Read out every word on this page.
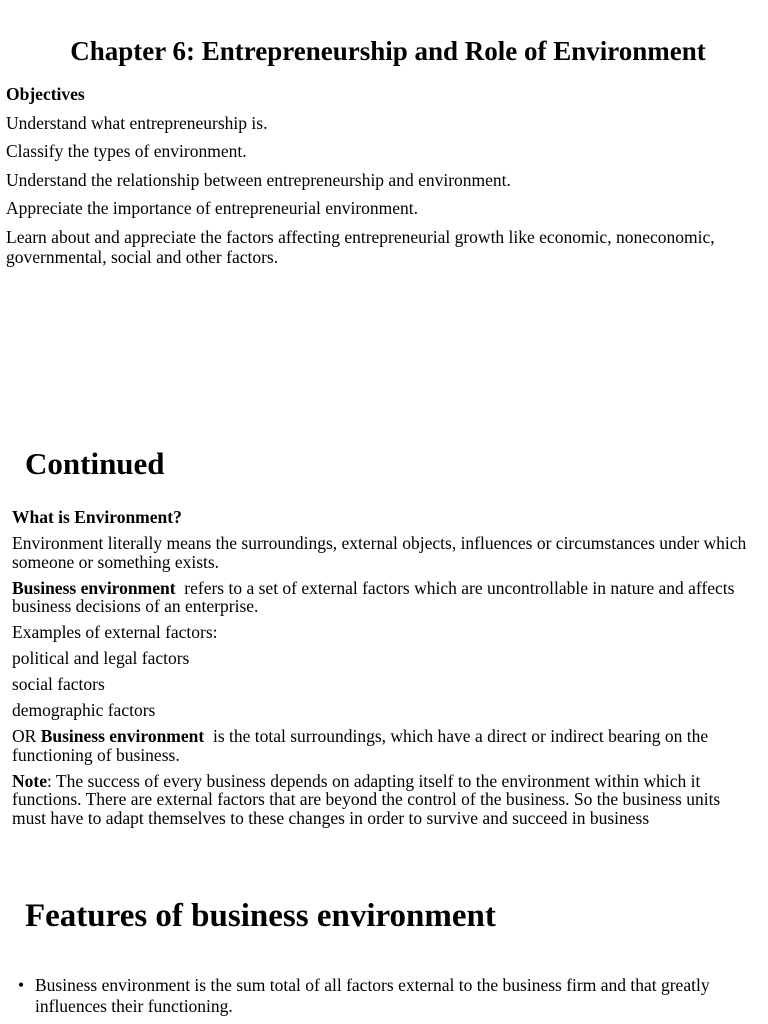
Chapter 6: Entrepreneurship and Role of Environment

Objectives

Understand what entrepreneurship is.

Classify the types of environment.

Understand the relationship between entrepreneurship and environment.

Appreciate the importance of entrepreneurial environment.

Learn about and appreciate the factors affecting entrepreneurial growth like economic, noneconomic, governmental, social and other factors.

Continued

What is Environment?

Environment literally means the surroundings, external objects, influences or circumstances under which someone or something exists.

Business environment  refers to a set of external factors which are uncontrollable in nature and affects business decisions of an enterprise.

Examples of external factors:

political and legal factors

social factors

demographic factors

OR Business environment  is the total surroundings, which have a direct or indirect bearing on the functioning of business.

Note: The success of every business depends on adapting itself to the environment within which it functions. There are external factors that are beyond the control of the business. So the business units must have to adapt themselves to these changes in order to survive and succeed in business

Features of business environment
• Business environment is the sum total of all factors external to the business firm and that greatly influences their functioning.
